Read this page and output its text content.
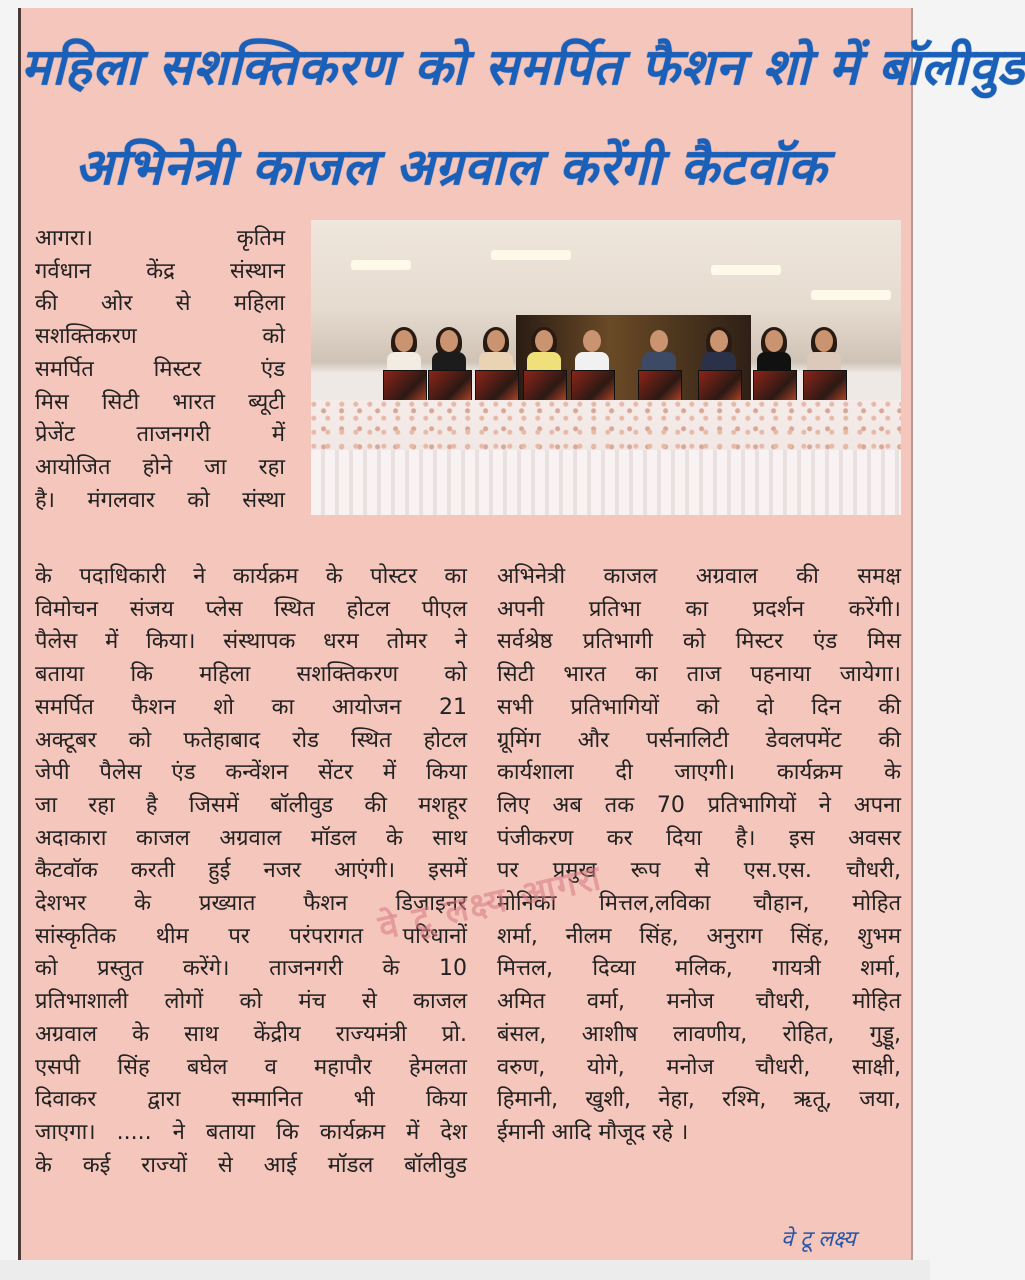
महिला सशक्तिकरण को समर्पित फैशन शो में बॉलीवुड
अभिनेत्री काजल अग्रवाल करेंगी कैटवॉक
आगरा। कृतिम
गर्वधान केंद्र संस्थान
की ओर से महिला
सशक्तिकरण को
समर्पित मिस्टर एंड
मिस सिटी भारत ब्यूटी
प्रेजेंट ताजनगरी में
आयोजित होने जा रहा
है। मंगलवार को संस्था
के पदाधिकारी ने कार्यक्रम के पोस्टर का
विमोचन संजय प्लेस स्थित होटल पीएल
पैलेस में किया। संस्थापक धरम तोमर ने
बताया कि महिला सशक्तिकरण को
समर्पित फैशन शो का आयोजन 21
अक्टूबर को फतेहाबाद रोड स्थित होटल
जेपी पैलेस एंड कन्वेंशन सेंटर में किया
जा रहा है जिसमें बॉलीवुड की मशहूर
अदाकारा काजल अग्रवाल मॉडल के साथ
कैटवॉक करती हुई नजर आएंगी। इसमें
देशभर के प्रख्यात फैशन डिजाइनर
सांस्कृतिक थीम पर परंपरागत परिधानों
को प्रस्तुत करेंगे। ताजनगरी के 10
प्रतिभाशाली लोगों को मंच से काजल
अग्रवाल के साथ केंद्रीय राज्यमंत्री प्रो.
एसपी सिंह बघेल व महापौर हेमलता
दिवाकर द्वारा सम्मानित भी किया
जाएगा। ..... ने बताया कि कार्यक्रम में देश
के कई राज्यों से आई मॉडल बॉलीवुड
अभिनेत्री काजल अग्रवाल की समक्ष
अपनी प्रतिभा का प्रदर्शन करेंगी।
सर्वश्रेष्ठ प्रतिभागी को मिस्टर एंड मिस
सिटी भारत का ताज पहनाया जायेगा।
सभी प्रतिभागियों को दो दिन की
ग्रूमिंग और पर्सनालिटी डेवलपमेंट की
कार्यशाला दी जाएगी। कार्यक्रम के
लिए अब तक 70 प्रतिभागियों ने अपना
पंजीकरण कर दिया है। इस अवसर
पर प्रमुख रूप से एस.एस. चौधरी,
मोनिका मित्तल,लविका चौहान, मोहित
शर्मा, नीलम सिंह, अनुराग सिंह, शुभम
मित्तल, दिव्या मलिक, गायत्री शर्मा,
अमित वर्मा, मनोज चौधरी, मोहित
बंसल, आशीष लावणीय, रोहित, गुड्डू,
वरुण, योगे, मनोज चौधरी, साक्षी,
हिमानी, खुशी, नेहा, रश्मि, ऋतू, जया,
ईमानी आदि मौजूद रहे ।
वे टू लक्ष्य आगरा
वे टू लक्ष्य
